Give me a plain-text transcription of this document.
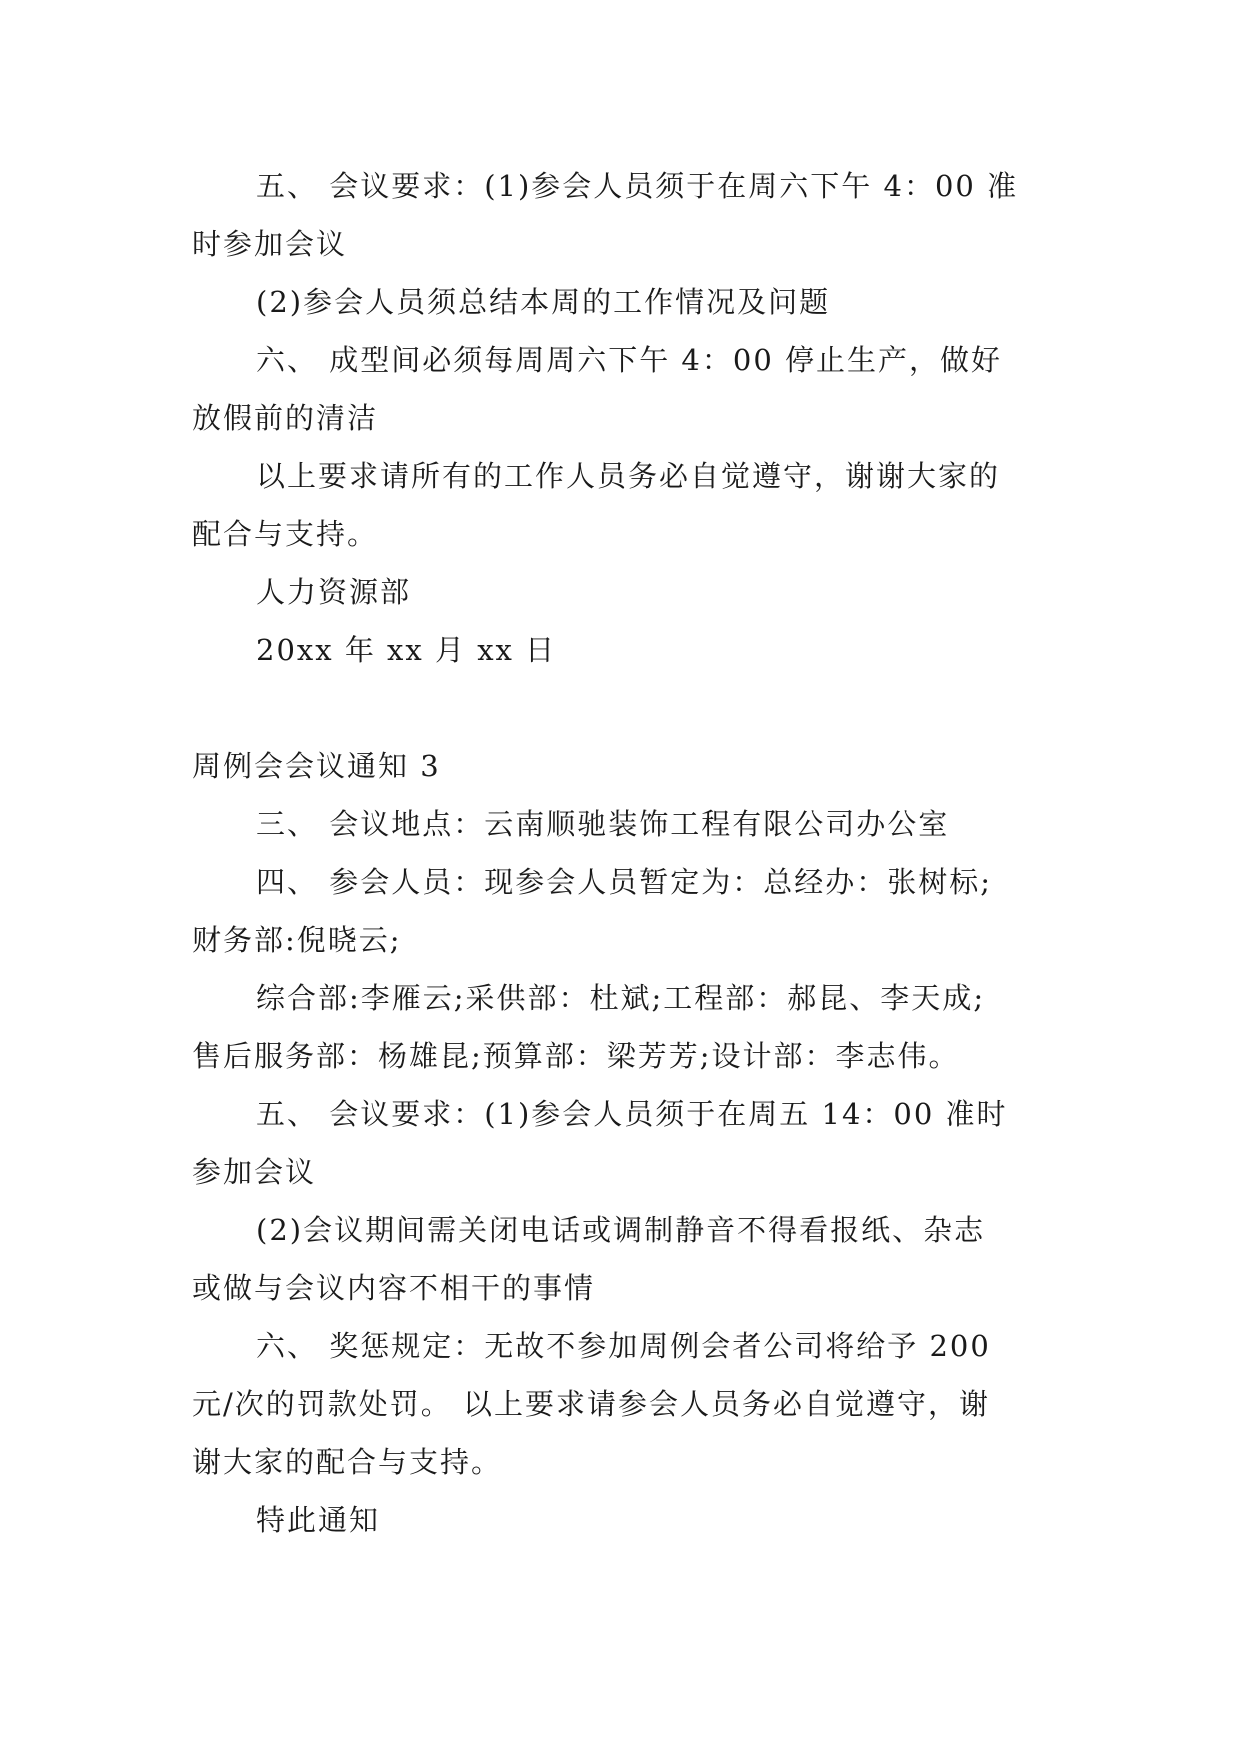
五、 会议要求：(1)参会人员须于在周六下午 4：00 准
时参加会议
(2)参会人员须总结本周的工作情况及问题
六、 成型间必须每周周六下午 4：00 停止生产，做好
放假前的清洁
以上要求请所有的工作人员务必自觉遵守，谢谢大家的
配合与支持。
人力资源部
20xx 年 xx 月 xx 日
周例会会议通知 3
三、 会议地点：云南顺驰装饰工程有限公司办公室
四、 参会人员：现参会人员暂定为：总经办：张树标;
财务部:倪晓云;
综合部:李雁云;采供部：杜斌;工程部：郝昆、李天成;
售后服务部：杨雄昆;预算部：梁芳芳;设计部：李志伟。
五、 会议要求：(1)参会人员须于在周五 14：00 准时
参加会议
(2)会议期间需关闭电话或调制静音不得看报纸、杂志
或做与会议内容不相干的事情
六、 奖惩规定：无故不参加周例会者公司将给予 200
元/次的罚款处罚。 以上要求请参会人员务必自觉遵守，谢
谢大家的配合与支持。
特此通知
